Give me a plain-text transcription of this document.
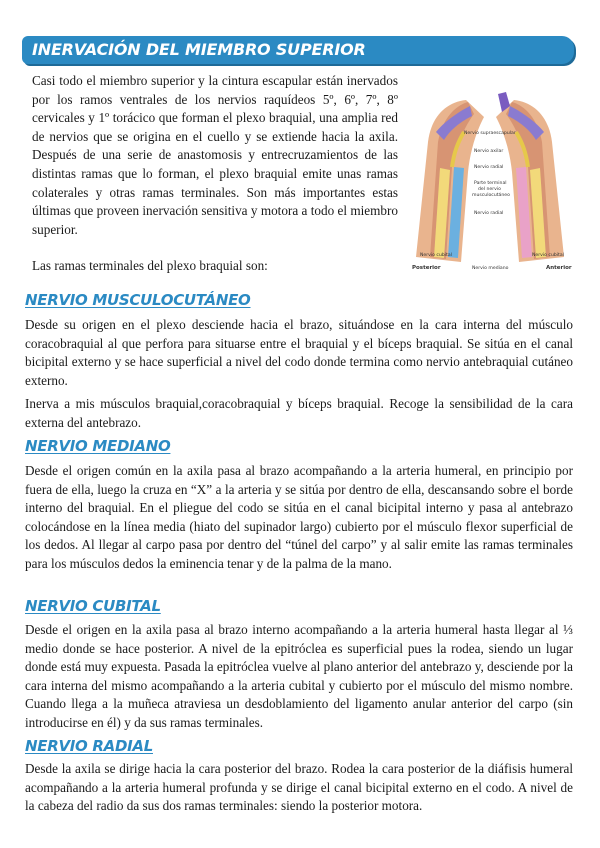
INERVACIÓN DEL MIEMBRO SUPERIOR

Casi todo el miembro superior y la cintura escapular están inervados por los ramos ventrales de los nervios raquídeos 5º, 6º, 7º, 8º cervicales y 1º torácico que forman el plexo braquial, una amplia red de nervios que se origina en el cuello y se extiende hacia la axila. Después de una serie de anastomosis y entrecruzamientos de las distintas ramas que lo forman, el plexo braquial emite unas ramas colaterales y otras ramas terminales. Son más importantes estas últimas que proveen inervación sensitiva y motora a todo el miembro superior.

Las ramas terminales del plexo braquial son:

Nervio supraescapular
Nervio axilar
Nervio radial
Parte terminal
del nervio
musculocutáneo
Nervio radial
Nervio cubital	Nervio cubital
Nervio mediano
Posterior	Anterior
NERVIO MUSCULOCUTÁNEO

Desde su origen en el plexo desciende hacia el brazo, situándose en la cara interna del músculo coracobraquial al que perfora para situarse entre el braquial y el bíceps braquial. Se sitúa en el canal bicipital externo y se hace superficial a nivel del codo donde termina como nervio antebraquial cutáneo externo.

Inerva a mis músculos braquial,coracobraquial y bíceps braquial. Recoge la sensibilidad de la cara externa del antebrazo.

NERVIO MEDIANO

Desde el origen común en la axila pasa al brazo acompañando a la arteria humeral, en principio por fuera de ella, luego la cruza en “X” a la arteria y se sitúa por dentro de ella, descansando sobre el borde interno del braquial. En el pliegue del codo se sitúa en el canal bicipital interno y pasa al antebrazo colocándose en la línea media (hiato del supinador largo) cubierto por el músculo flexor superficial de los dedos. Al llegar al carpo pasa por dentro del “túnel del carpo” y al salir emite las ramas terminales para los músculos dedos la eminencia tenar y de la palma de la mano.

NERVIO CUBITAL

Desde el origen en la axila pasa al brazo interno acompañando a la arteria humeral hasta llegar al ⅓ medio donde se hace posterior. A nivel de la epitróclea es superficial pues la rodea, siendo un lugar donde está muy expuesta. Pasada la epitróclea vuelve al plano anterior del antebrazo y, desciende por la cara interna del mismo acompañando a la arteria cubital y cubierto por el músculo del mismo nombre. Cuando llega a la muñeca atraviesa un desdoblamiento del ligamento anular anterior del carpo (sin introducirse en él) y da sus ramas terminales.

NERVIO RADIAL

Desde la axila se dirige hacia la cara posterior del brazo. Rodea la cara posterior de la diáfisis humeral acompañando a la arteria humeral profunda y se dirige el canal bicipital externo en el codo. A nivel de la cabeza del radio da sus dos ramas terminales: siendo la posterior motora.
